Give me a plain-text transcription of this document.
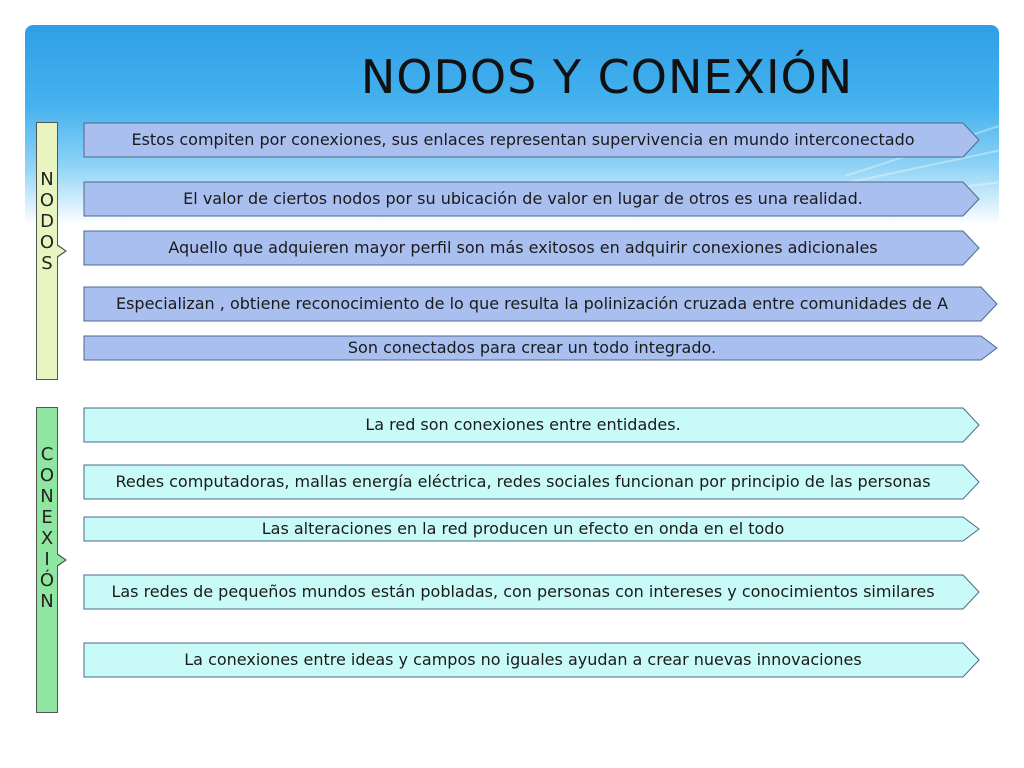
NODOS Y CONEXIÓN
N
O
D
O
S
C
O
N
E
X
I
Ó
N
Estos compiten por conexiones, sus enlaces representan supervivencia en mundo interconectado
El valor de ciertos nodos por su ubicación de valor en lugar de otros es una realidad.
Aquello que adquieren mayor perfil son más exitosos en adquirir conexiones adicionales
Especializan , obtiene reconocimiento de lo que resulta la polinización cruzada entre comunidades de A
Son conectados para crear un todo integrado.
La red son conexiones entre entidades.
Redes computadoras, mallas energía eléctrica, redes sociales funcionan por principio de las personas
Las alteraciones en la red producen un efecto en onda en el todo
Las redes de pequeños mundos están pobladas, con personas con intereses y conocimientos similares
La conexiones entre ideas y campos no iguales ayudan a crear nuevas innovaciones
